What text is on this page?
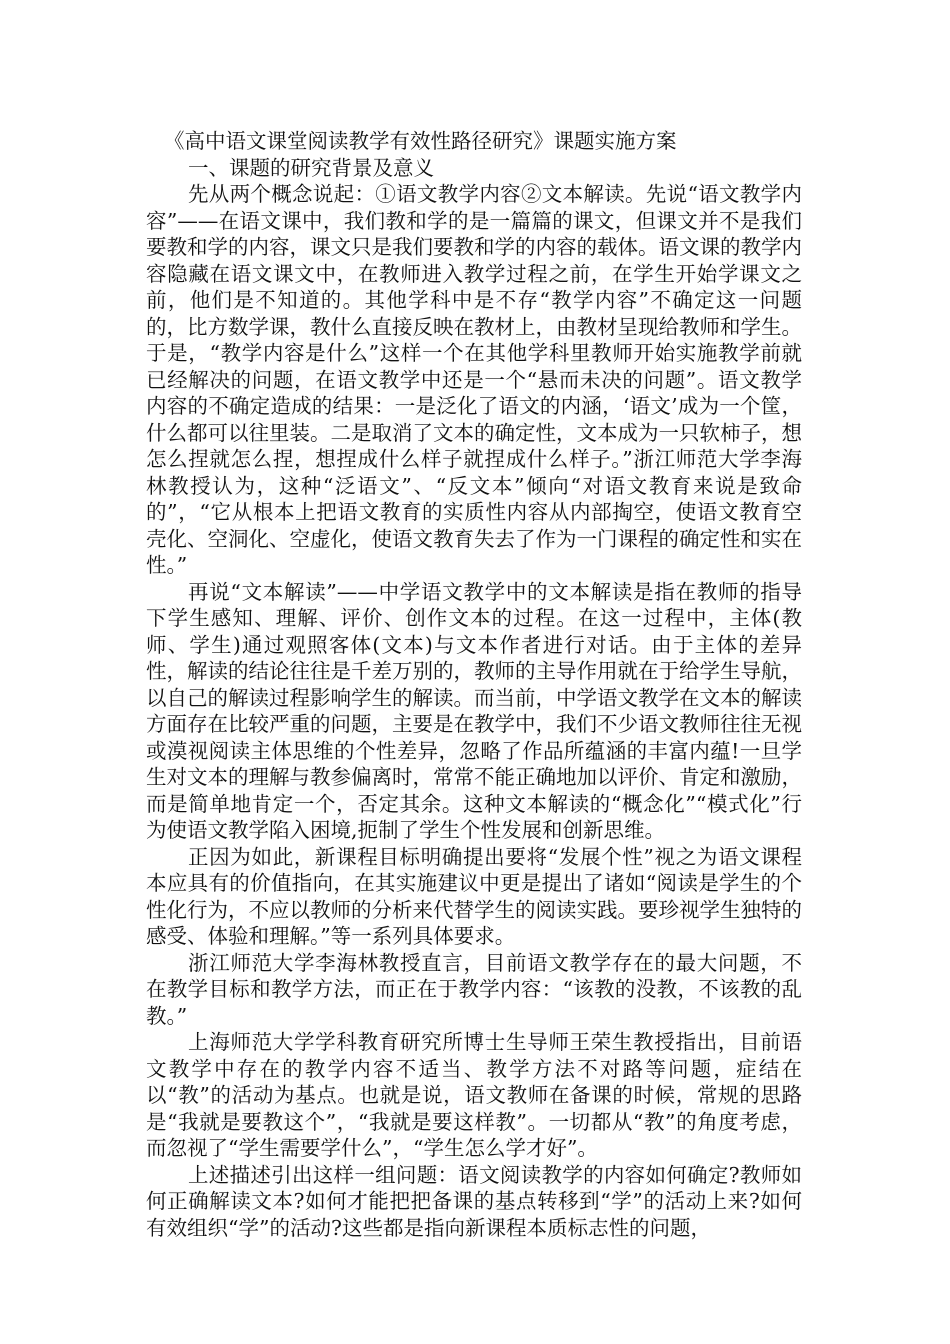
《高中语文课堂阅读教学有效性路径研究》课题实施方案
一、课题的研究背景及意义

先从两个概念说起：①语文教学内容②文本解读。先说“语文教学内容”——在语文课中，我们教和学的是一篇篇的课文，但课文并不是我们要教和学的内容，课文只是我们要教和学的内容的载体。语文课的教学内容隐藏在语文课文中，在教师进入教学过程之前，在学生开始学课文之前，他们是不知道的。其他学科中是不存“教学内容”不确定这一问题的，比方数学课，教什么直接反映在教材上，由教材呈现给教师和学生。于是，“教学内容是什么”这样一个在其他学科里教师开始实施教学前就已经解决的问题，在语文教学中还是一个“悬而未决的问题”。语文教学内容的不确定造成的结果：一是泛化了语文的内涵，‘语文’成为一个筐，什么都可以往里装。二是取消了文本的确定性，文本成为一只软柿子，想怎么捏就怎么捏，想捏成什么样子就捏成什么样子。”浙江师范大学李海林教授认为，这种“泛语文”、“反文本”倾向“对语文教育来说是致命的”，“它从根本上把语文教育的实质性内容从内部掏空，使语文教育空壳化、空洞化、空虚化，使语文教育失去了作为一门课程的确定性和实在性。”

再说“文本解读”——中学语文教学中的文本解读是指在教师的指导下学生感知、理解、评价、创作文本的过程。在这一过程中，主体(教师、学生)通过观照客体(文本)与文本作者进行对话。由于主体的差异性，解读的结论往往是千差万别的，教师的主导作用就在于给学生导航，以自己的解读过程影响学生的解读。而当前，中学语文教学在文本的解读方面存在比较严重的问题，主要是在教学中，我们不少语文教师往往无视或漠视阅读主体思维的个性差异，忽略了作品所蕴涵的丰富内蕴!一旦学生对文本的理解与教参偏离时，常常不能正确地加以评价、肯定和激励，而是简单地肯定一个，否定其余。这种文本解读的“概念化”“模式化”行为使语文教学陷入困境,扼制了学生个性发展和创新思维。

正因为如此，新课程目标明确提出要将“发展个性”视之为语文课程本应具有的价值指向，在其实施建议中更是提出了诸如“阅读是学生的个性化行为，不应以教师的分析来代替学生的阅读实践。要珍视学生独特的感受、体验和理解。”等一系列具体要求。

浙江师范大学李海林教授直言，目前语文教学存在的最大问题，不在教学目标和教学方法，而正在于教学内容：“该教的没教，不该教的乱教。”

上海师范大学学科教育研究所博士生导师王荣生教授指出，目前语文教学中存在的教学内容不适当、教学方法不对路等问题，症结在以“教”的活动为基点。也就是说，语文教师在备课的时候，常规的思路是“我就是要教这个”，“我就是要这样教”。一切都从“教”的角度考虑，而忽视了“学生需要学什么”，“学生怎么学才好”。

上述描述引出这样一组问题：语文阅读教学的内容如何确定?教师如何正确解读文本?如何才能把把备课的基点转移到“学”的活动上来?如何有效组织“学”的活动?这些都是指向新课程本质标志性的问题，
